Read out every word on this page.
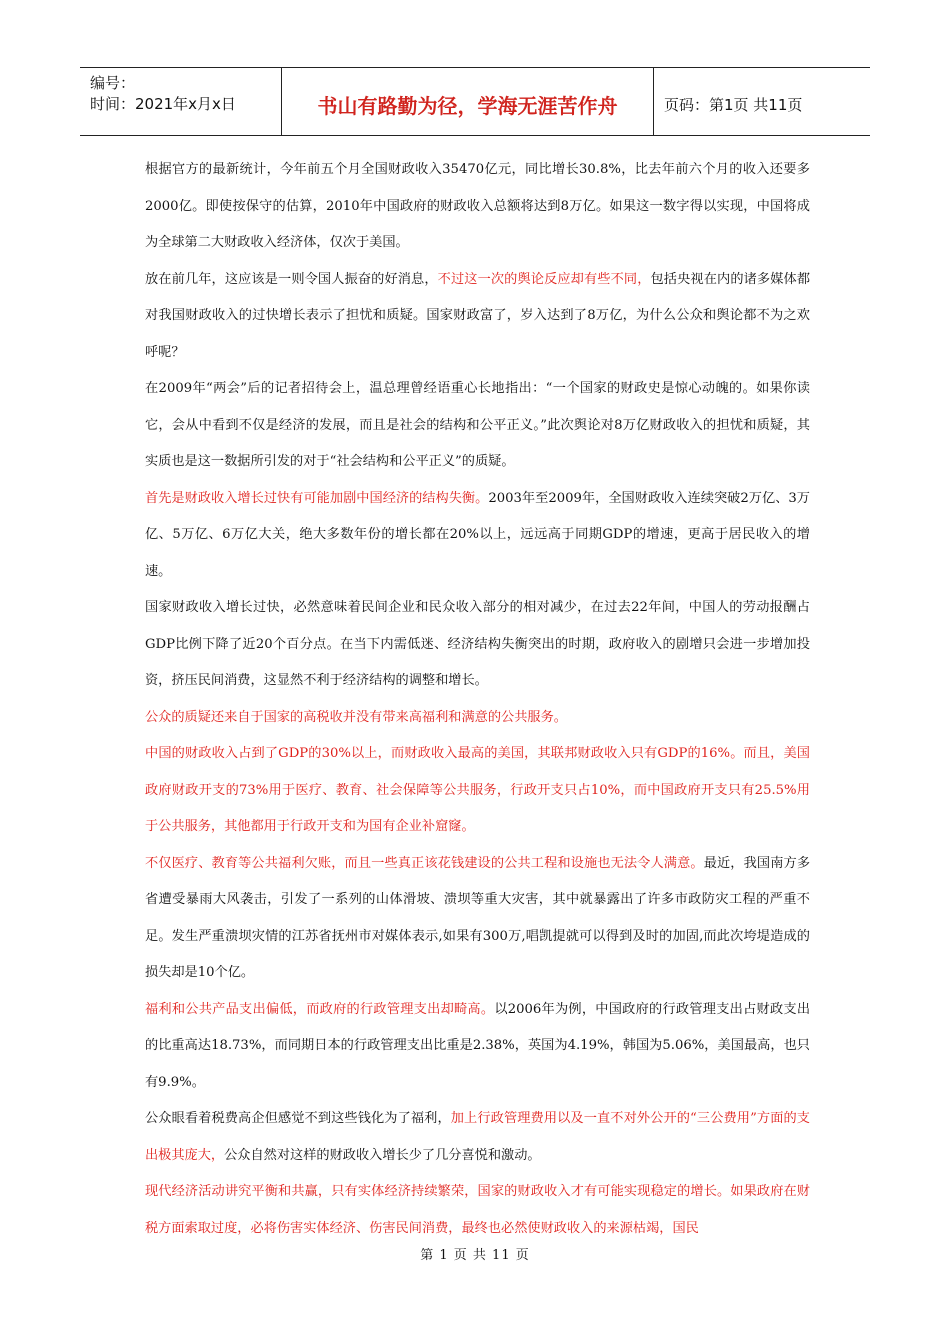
编号：
时间：2021年x月x日	书山有路勤为径，学海无涯苦作舟	页码：第1页 共11页

根据官方的最新统计，今年前五个月全国财政收入35470亿元，同比增长30.8%，比去年前六个月的收入还要多2000亿。即使按保守的估算，2010年中国政府的财政收入总额将达到8万亿。如果这一数字得以实现，中国将成为全球第二大财政收入经济体，仅次于美国。

放在前几年，这应该是一则令国人振奋的好消息，不过这一次的舆论反应却有些不同，包括央视在内的诸多媒体都对我国财政收入的过快增长表示了担忧和质疑。国家财政富了，岁入达到了8万亿，为什么公众和舆论都不为之欢呼呢？

在2009年“两会”后的记者招待会上，温总理曾经语重心长地指出：“一个国家的财政史是惊心动魄的。如果你读它，会从中看到不仅是经济的发展，而且是社会的结构和公平正义。”此次舆论对8万亿财政收入的担忧和质疑，其实质也是这一数据所引发的对于“社会结构和公平正义”的质疑。

首先是财政收入增长过快有可能加剧中国经济的结构失衡。2003年至2009年，全国财政收入连续突破2万亿、3万亿、5万亿、6万亿大关，绝大多数年份的增长都在20%以上，远远高于同期GDP的增速，更高于居民收入的增速。

国家财政收入增长过快，必然意味着民间企业和民众收入部分的相对减少，在过去22年间，中国人的劳动报酬占GDP比例下降了近20个百分点。在当下内需低迷、经济结构失衡突出的时期，政府收入的剧增只会进一步增加投资，挤压民间消费，这显然不利于经济结构的调整和增长。

公众的质疑还来自于国家的高税收并没有带来高福利和满意的公共服务。

中国的财政收入占到了GDP的30%以上，而财政收入最高的美国，其联邦财政收入只有GDP的16%。而且，美国政府财政开支的73%用于医疗、教育、社会保障等公共服务，行政开支只占10%，而中国政府开支只有25.5%用于公共服务，其他都用于行政开支和为国有企业补窟窿。

不仅医疗、教育等公共福利欠账，而且一些真正该花钱建设的公共工程和设施也无法令人满意。最近，我国南方多省遭受暴雨大风袭击，引发了一系列的山体滑坡、溃坝等重大灾害，其中就暴露出了许多市政防灾工程的严重不足。发生严重溃坝灾情的江苏省抚州市对媒体表示,如果有300万,唱凯提就可以得到及时的加固,而此次垮堤造成的损失却是10个亿。

福利和公共产品支出偏低，而政府的行政管理支出却畸高。以2006年为例，中国政府的行政管理支出占财政支出的比重高达18.73%，而同期日本的行政管理支出比重是2.38%，英国为4.19%，韩国为5.06%，美国最高，也只有9.9%。

公众眼看着税费高企但感觉不到这些钱化为了福利，加上行政管理费用以及一直不对外公开的“三公费用”方面的支出极其庞大，公众自然对这样的财政收入增长少了几分喜悦和激动。

现代经济活动讲究平衡和共赢，只有实体经济持续繁荣，国家的财政收入才有可能实现稳定的增长。如果政府在财税方面索取过度，必将伤害实体经济、伤害民间消费，最终也必然使财政收入的来源枯竭，国民

第 1 页 共 11 页
